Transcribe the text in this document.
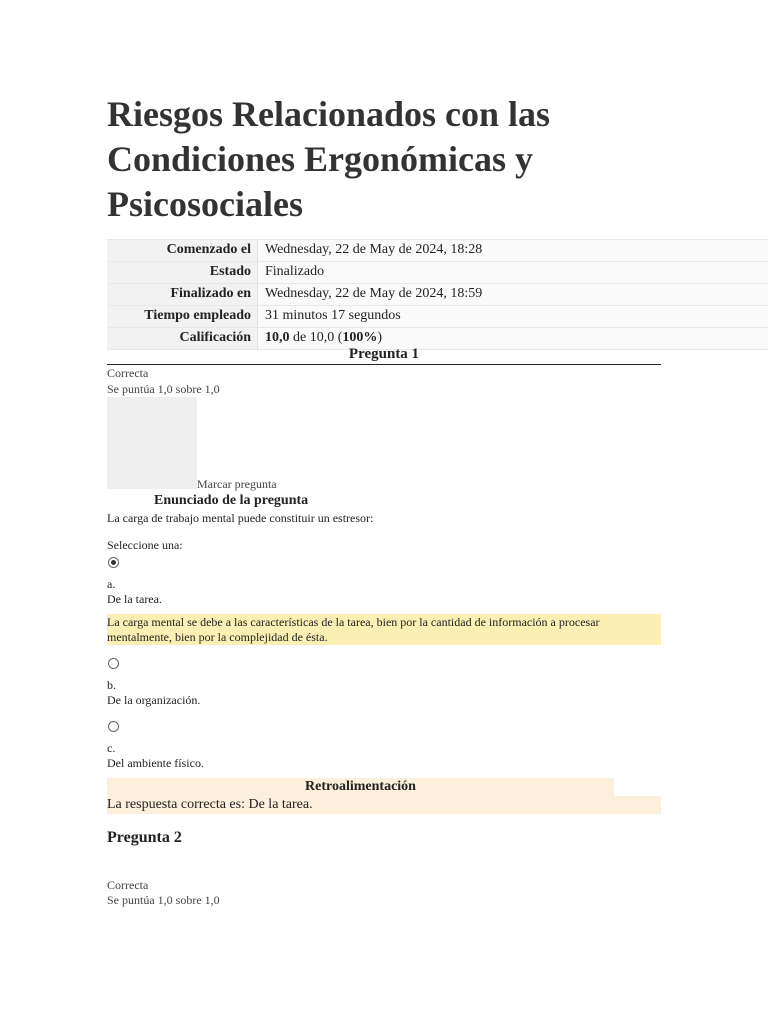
Riesgos Relacionados con las Condiciones Ergonómicas y Psicosociales
Comenzado el	Wednesday, 22 de May de 2024, 18:28
Estado	Finalizado
Finalizado en	Wednesday, 22 de May de 2024, 18:59
Tiempo empleado	31 minutos 17 segundos
Calificación	10,0 de 10,0 (100%)
Pregunta 1
Correcta
Se puntúa 1,0 sobre 1,0
Marcar pregunta
Enunciado de la pregunta
La carga de trabajo mental puede constituir un estresor:
Seleccione una:
a.
De la tarea.
La carga mental se debe a las características de la tarea, bien por la cantidad de información a procesar mentalmente, bien por la complejidad de ésta.
b.
De la organización.
c.
Del ambiente físico.
Retroalimentación
La respuesta correcta es: De la tarea.
Pregunta 2
Correcta
Se puntúa 1,0 sobre 1,0
